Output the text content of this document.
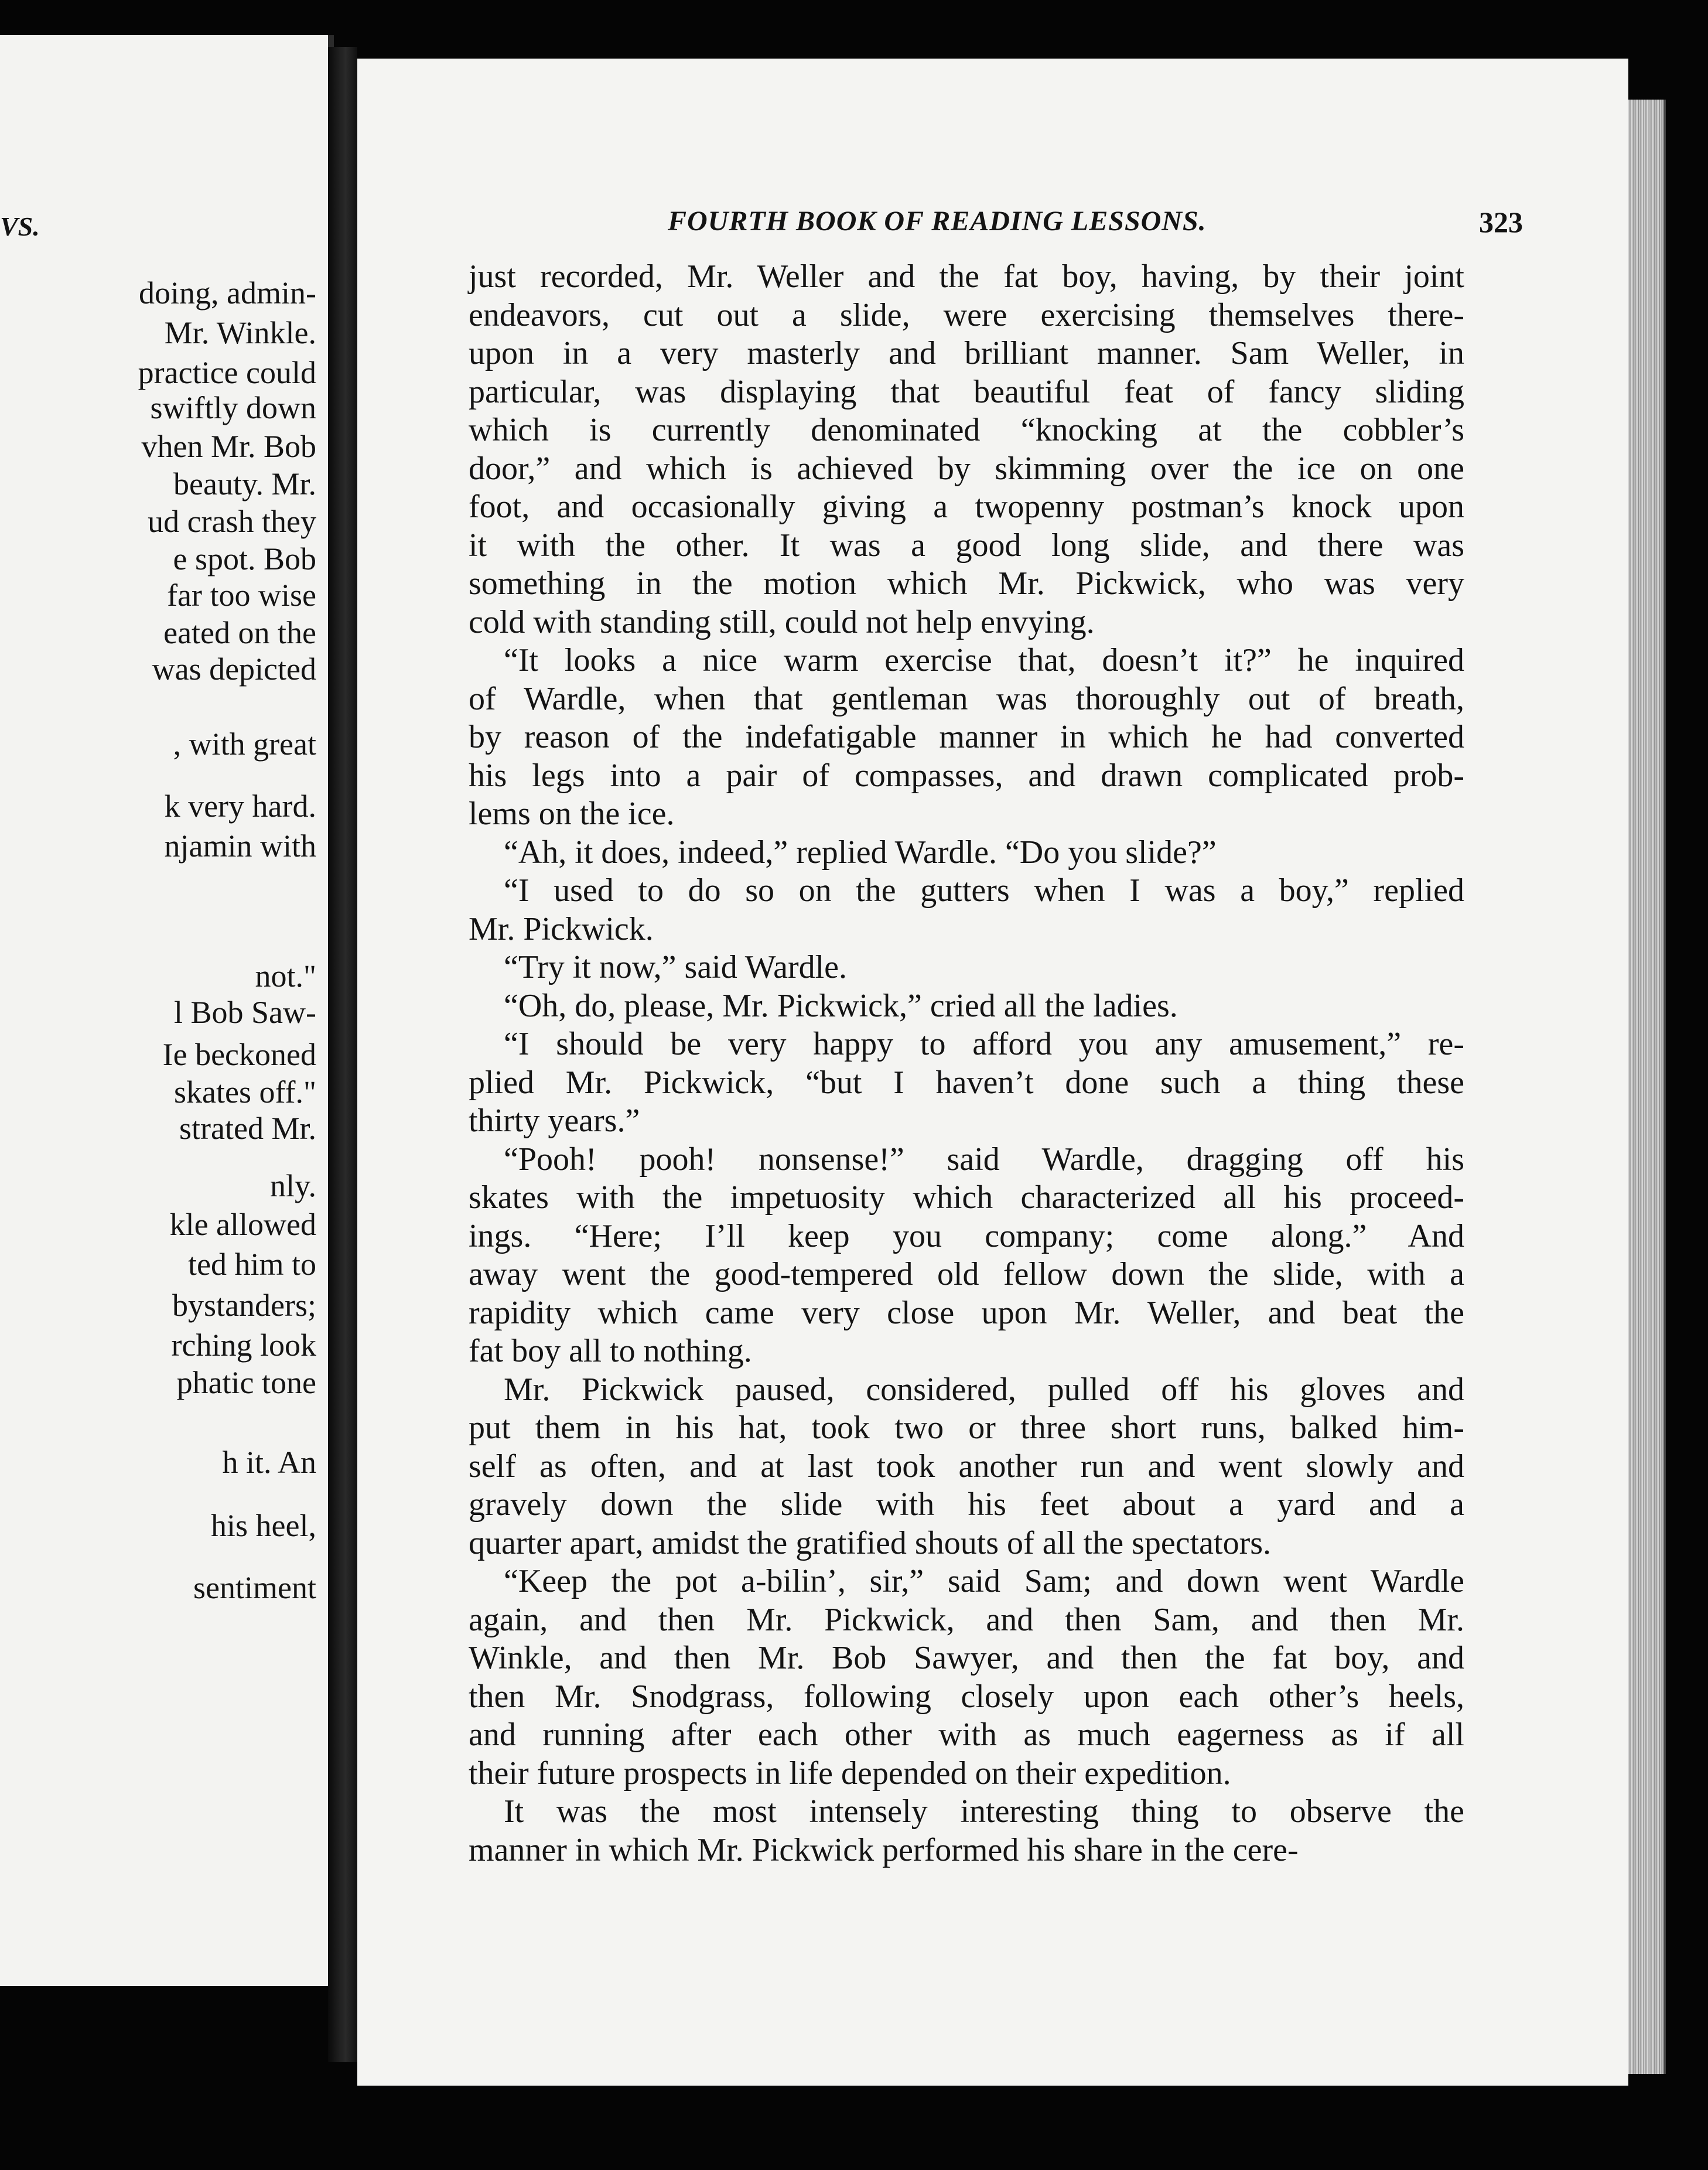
VS.
doing, admin-
Mr. Winkle.
practice could
swiftly down
vhen Mr. Bob
beauty. Mr.
ud crash they
e spot. Bob
far too wise
eated on the
was depicted
, with great
k very hard.
njamin with
not."
l Bob Saw-
Ie beckoned
skates off."
strated Mr.
nly.
kle allowed
ted him to
bystanders;
rching look
phatic tone
h it. An
his heel,
sentiment
FOURTH BOOK OF READING LESSONS.	323
just recorded, Mr. Weller and the fat boy, having, by their joint
endeavors, cut out a slide, were exercising themselves there-
upon in a very masterly and brilliant manner. Sam Weller, in
particular, was displaying that beautiful feat of fancy sliding
which is currently denominated “knocking at the cobbler’s
door,” and which is achieved by skimming over the ice on one
foot, and occasionally giving a twopenny postman’s knock upon
it with the other. It was a good long slide, and there was
something in the motion which Mr. Pickwick, who was very
cold with standing still, could not help envying.
“It looks a nice warm exercise that, doesn’t it?” he inquired
of Wardle, when that gentleman was thoroughly out of breath,
by reason of the indefatigable manner in which he had converted
his legs into a pair of compasses, and drawn complicated prob-
lems on the ice.
“Ah, it does, indeed,” replied Wardle. “Do you slide?”
“I used to do so on the gutters when I was a boy,” replied
Mr. Pickwick.
“Try it now,” said Wardle.
“Oh, do, please, Mr. Pickwick,” cried all the ladies.
“I should be very happy to afford you any amusement,” re-
plied Mr. Pickwick, “but I haven’t done such a thing these
thirty years.”
“Pooh! pooh! nonsense!” said Wardle, dragging off his
skates with the impetuosity which characterized all his proceed-
ings. “Here; I’ll keep you company; come along.” And
away went the good-tempered old fellow down the slide, with a
rapidity which came very close upon Mr. Weller, and beat the
fat boy all to nothing.
Mr. Pickwick paused, considered, pulled off his gloves and
put them in his hat, took two or three short runs, balked him-
self as often, and at last took another run and went slowly and
gravely down the slide with his feet about a yard and a
quarter apart, amidst the gratified shouts of all the spectators.
“Keep the pot a-bilin’, sir,” said Sam; and down went Wardle
again, and then Mr. Pickwick, and then Sam, and then Mr.
Winkle, and then Mr. Bob Sawyer, and then the fat boy, and
then Mr. Snodgrass, following closely upon each other’s heels,
and running after each other with as much eagerness as if all
their future prospects in life depended on their expedition.
It was the most intensely interesting thing to observe the
manner in which Mr. Pickwick performed his share in the cere-
